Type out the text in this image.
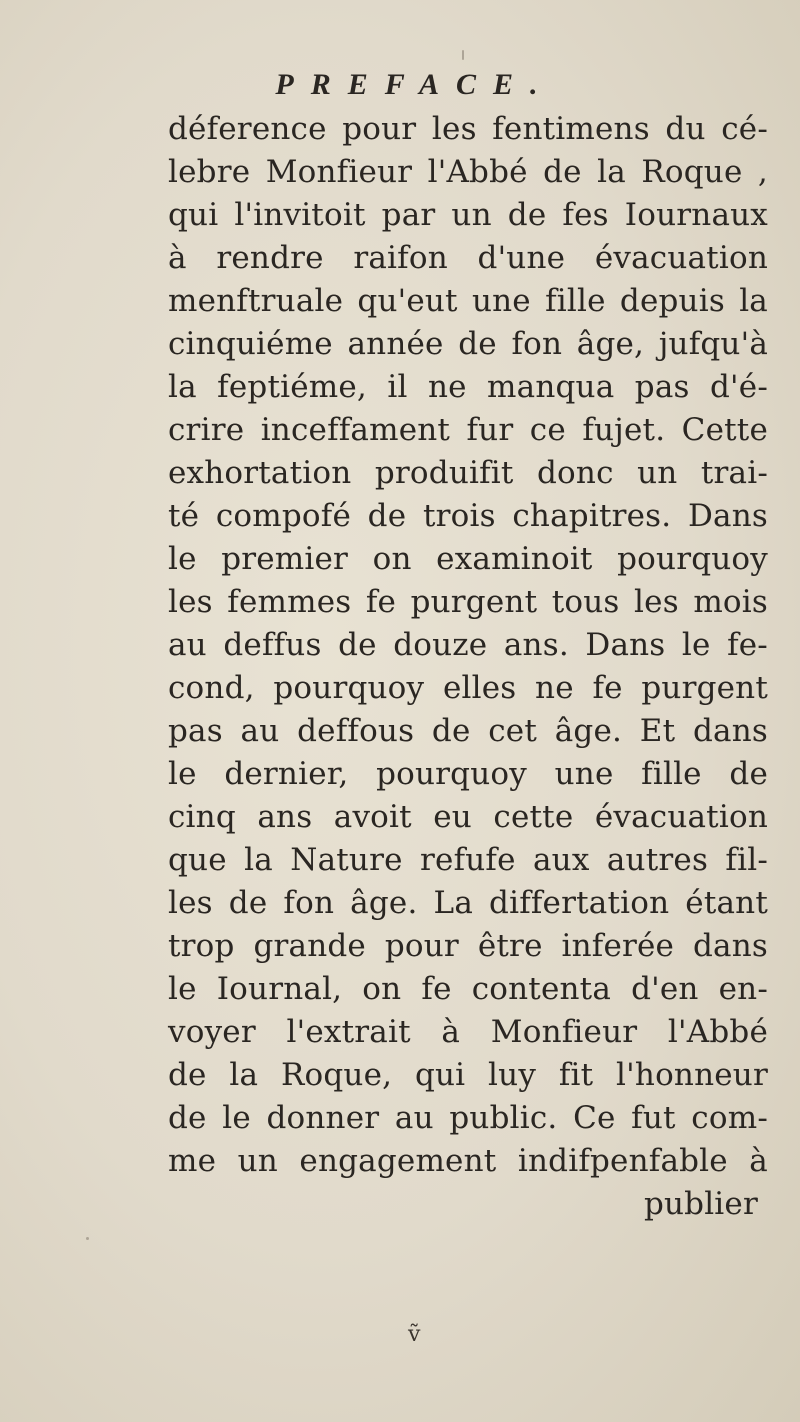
PREFACE.
déference pour les fentimens du cé-
lebre Monfieur l'Abbé de la Roque ,
qui l'invitoit par un de fes Iournaux
à rendre raifon d'une évacuation
menftruale qu'eut une fille depuis la
cinquiéme année de fon âge, jufqu'à
la feptiéme, il ne manqua pas d'é-
crire inceffament fur ce fujet. Cette
exhortation produifit donc un trai-
té compofé de trois chapitres. Dans
le premier on examinoit pourquoy
les femmes fe purgent tous les mois
au deffus de douze ans. Dans le fe-
cond, pourquoy elles ne fe purgent
pas au deffous de cet âge. Et dans
le dernier, pourquoy une fille de
cinq ans avoit eu cette évacuation
que la Nature refufe aux autres fil-
les de fon âge. La differtation étant
trop grande pour être inferée dans
le Iournal, on fe contenta d'en en-
voyer l'extrait à Monfieur l'Abbé
de la Roque, qui luy fit l'honneur
de le donner au public. Ce fut com-
me un engagement indifpenfable à
publier
ṽ
